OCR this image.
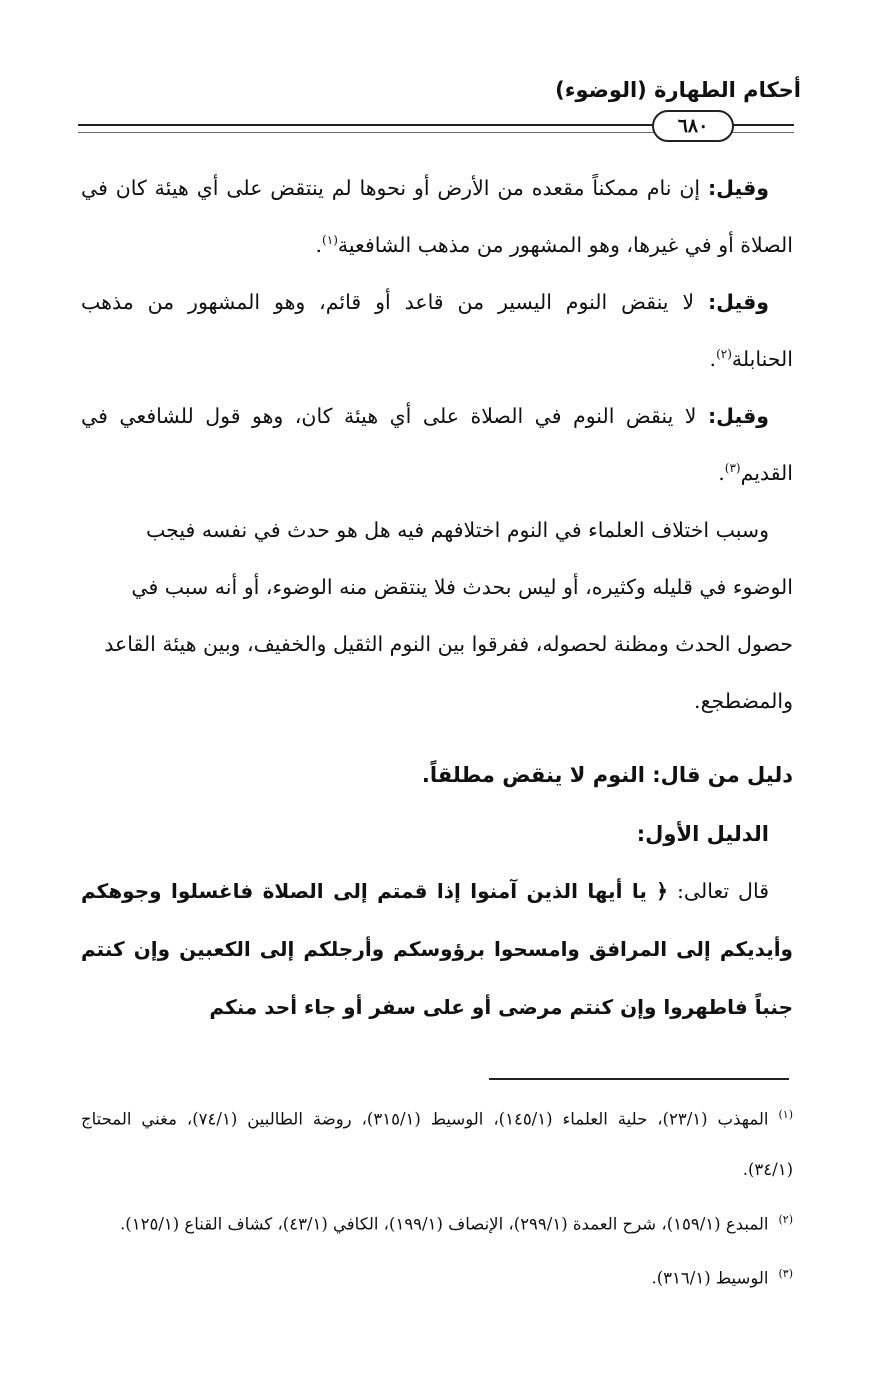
أحكام الطهارة (الوضوء)
٦٨٠

وقيل: إن نام ممكناً مقعده من الأرض أو نحوها لم ينتقض على أي هيئة كان في الصلاة أو في غيرها، وهو المشهور من مذهب الشافعية$^{(١)}$.

وقيل: لا ينقض النوم اليسير من قاعد أو قائم، وهو المشهور من مذهب الحنابلة$^{(٢)}$.

وقيل: لا ينقض النوم في الصلاة على أي هيئة كان، وهو قول للشافعي في القديم$^{(٣)}$.

وسبب اختلاف العلماء في النوم اختلافهم فيه هل هو حدث في نفسه فيجب الوضوء في قليله وكثيره، أو ليس بحدث فلا ينتقض منه الوضوء، أو أنه سبب في حصول الحدث ومظنة لحصوله، ففرقوا بين النوم الثقيل والخفيف، وبين هيئة القاعد والمضطجع.

دليل من قال: النوم لا ينقض مطلقاً.

الدليل الأول:

قال تعالى: ﴿ يا أيها الذين آمنوا إذا قمتم إلى الصلاة فاغسلوا وجوهكم وأيديكم إلى المرافق وامسحوا برؤوسكم وأرجلكم إلى الكعبين وإن كنتم جنباً فاطهروا وإن كنتم مرضى أو على سفر أو جاء أحد منكم

$^{(١)}$المهذب (٢٣/١)، حلية العلماء (١٤٥/١)، الوسيط (٣١٥/١)، روضة الطالبين (٧٤/١)، مغني المحتاج (٣٤/١).

$^{(٢)}$المبدع (١٥٩/١)، شرح العمدة (٢٩٩/١)، الإنصاف (١٩٩/١)، الكافي (٤٣/١)، كشاف القناع (١٢٥/١).

$^{(٣)}$الوسيط (٣١٦/١).
